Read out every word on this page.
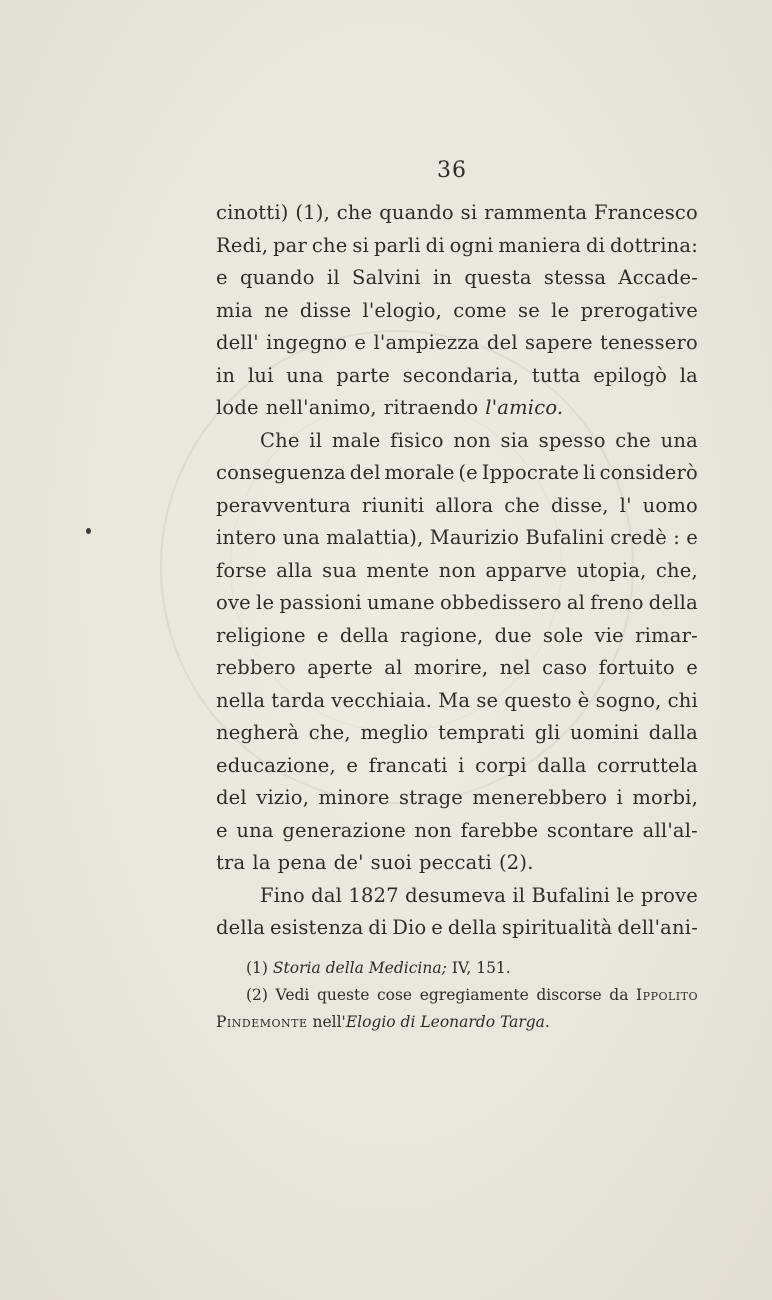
36
cinotti) (1), che quando si rammenta Francesco
Redi, par che si parli di ogni maniera di dottrina:
e quando il Salvini in questa stessa Accade-
mia ne disse l'elogio, come se le prerogative
dell' ingegno e l'ampiezza del sapere tenessero
in lui una parte secondaria, tutta epilogò la
lode nell'animo, ritraendo l'amico.
Che il male fisico non sia spesso che una
conseguenza del morale (e Ippocrate li considerò
peravventura riuniti allora che disse, l' uomo
intero una malattia), Maurizio Bufalini credè : e
forse alla sua mente non apparve utopia, che,
ove le passioni umane obbedissero al freno della
religione e della ragione, due sole vie rimar-
rebbero aperte al morire, nel caso fortuito e
nella tarda vecchiaia. Ma se questo è sogno, chi
negherà che, meglio temprati gli uomini dalla
educazione, e francati i corpi dalla corruttela
del vizio, minore strage menerebbero i morbi,
e una generazione non farebbe scontare all'al-
tra la pena de' suoi peccati (2).
Fino dal 1827 desumeva il Bufalini le prove
della esistenza di Dio e della spiritualità dell'ani-
(1)
Storia della Medicina;
IV, 151.
(2) Vedi queste cose egregiamente discorse da Ippolito
Pindemonte
nell' Elogio di Leonardo Targa.
